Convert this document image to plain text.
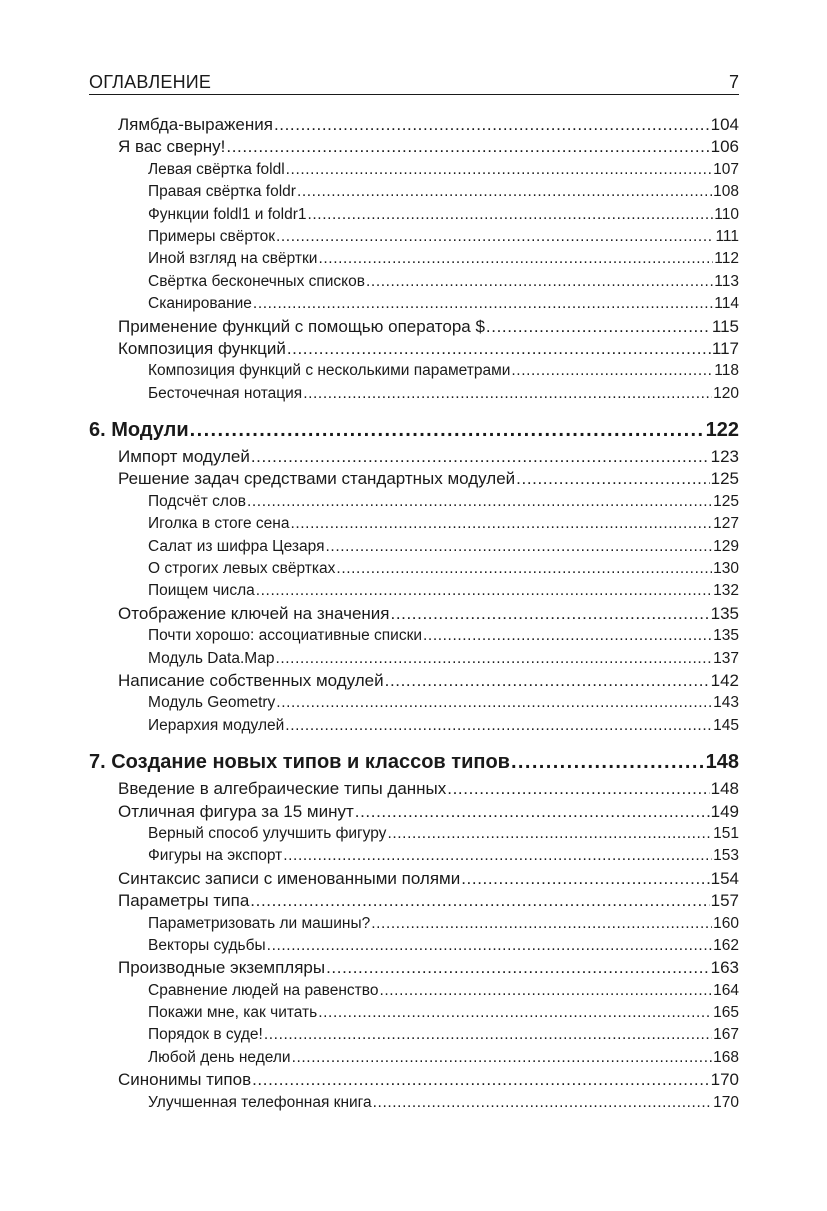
ОГЛАВЛЕНИЕ	7
Лямбда-выражения .....	104
Я вас сверну! .....	106
Левая свёртка foldl .....	107
Правая свёртка foldr .....	108
Функции foldl1 и foldr1 .....	110
Примеры свёрток .....	111
Иной взгляд на свёртки .....	112
Свёртка бесконечных списков .....	113
Сканирование .....	114
Применение функций с помощью оператора $ .....	115
Композиция функций .....	117
Композиция функций с несколькими параметрами .....	118
Бесточечная нотация .....	120
6. Модули .....	122
Импорт модулей .....	123
Решение задач средствами стандартных модулей .....	125
Подсчёт слов .....	125
Иголка в стоге сена .....	127
Салат из шифра Цезаря .....	129
О строгих левых свёртках .....	130
Поищем числа .....	132
Отображение ключей на значения .....	135
Почти хорошо: ассоциативные списки .....	135
Модуль Data.Map .....	137
Написание собственных модулей .....	142
Модуль Geometry .....	143
Иерархия модулей .....	145
7. Создание новых типов и классов типов .....	148
Введение в алгебраические типы данных .....	148
Отличная фигура за 15 минут .....	149
Верный способ улучшить фигуру .....	151
Фигуры на экспорт .....	153
Синтаксис записи с именованными полями .....	154
Параметры типа .....	157
Параметризовать ли машины? .....	160
Векторы судьбы .....	162
Производные экземпляры .....	163
Сравнение людей на равенство .....	164
Покажи мне, как читать .....	165
Порядок в суде! .....	167
Любой день недели .....	168
Синонимы типов .....	170
Улучшенная телефонная книга .....	170
